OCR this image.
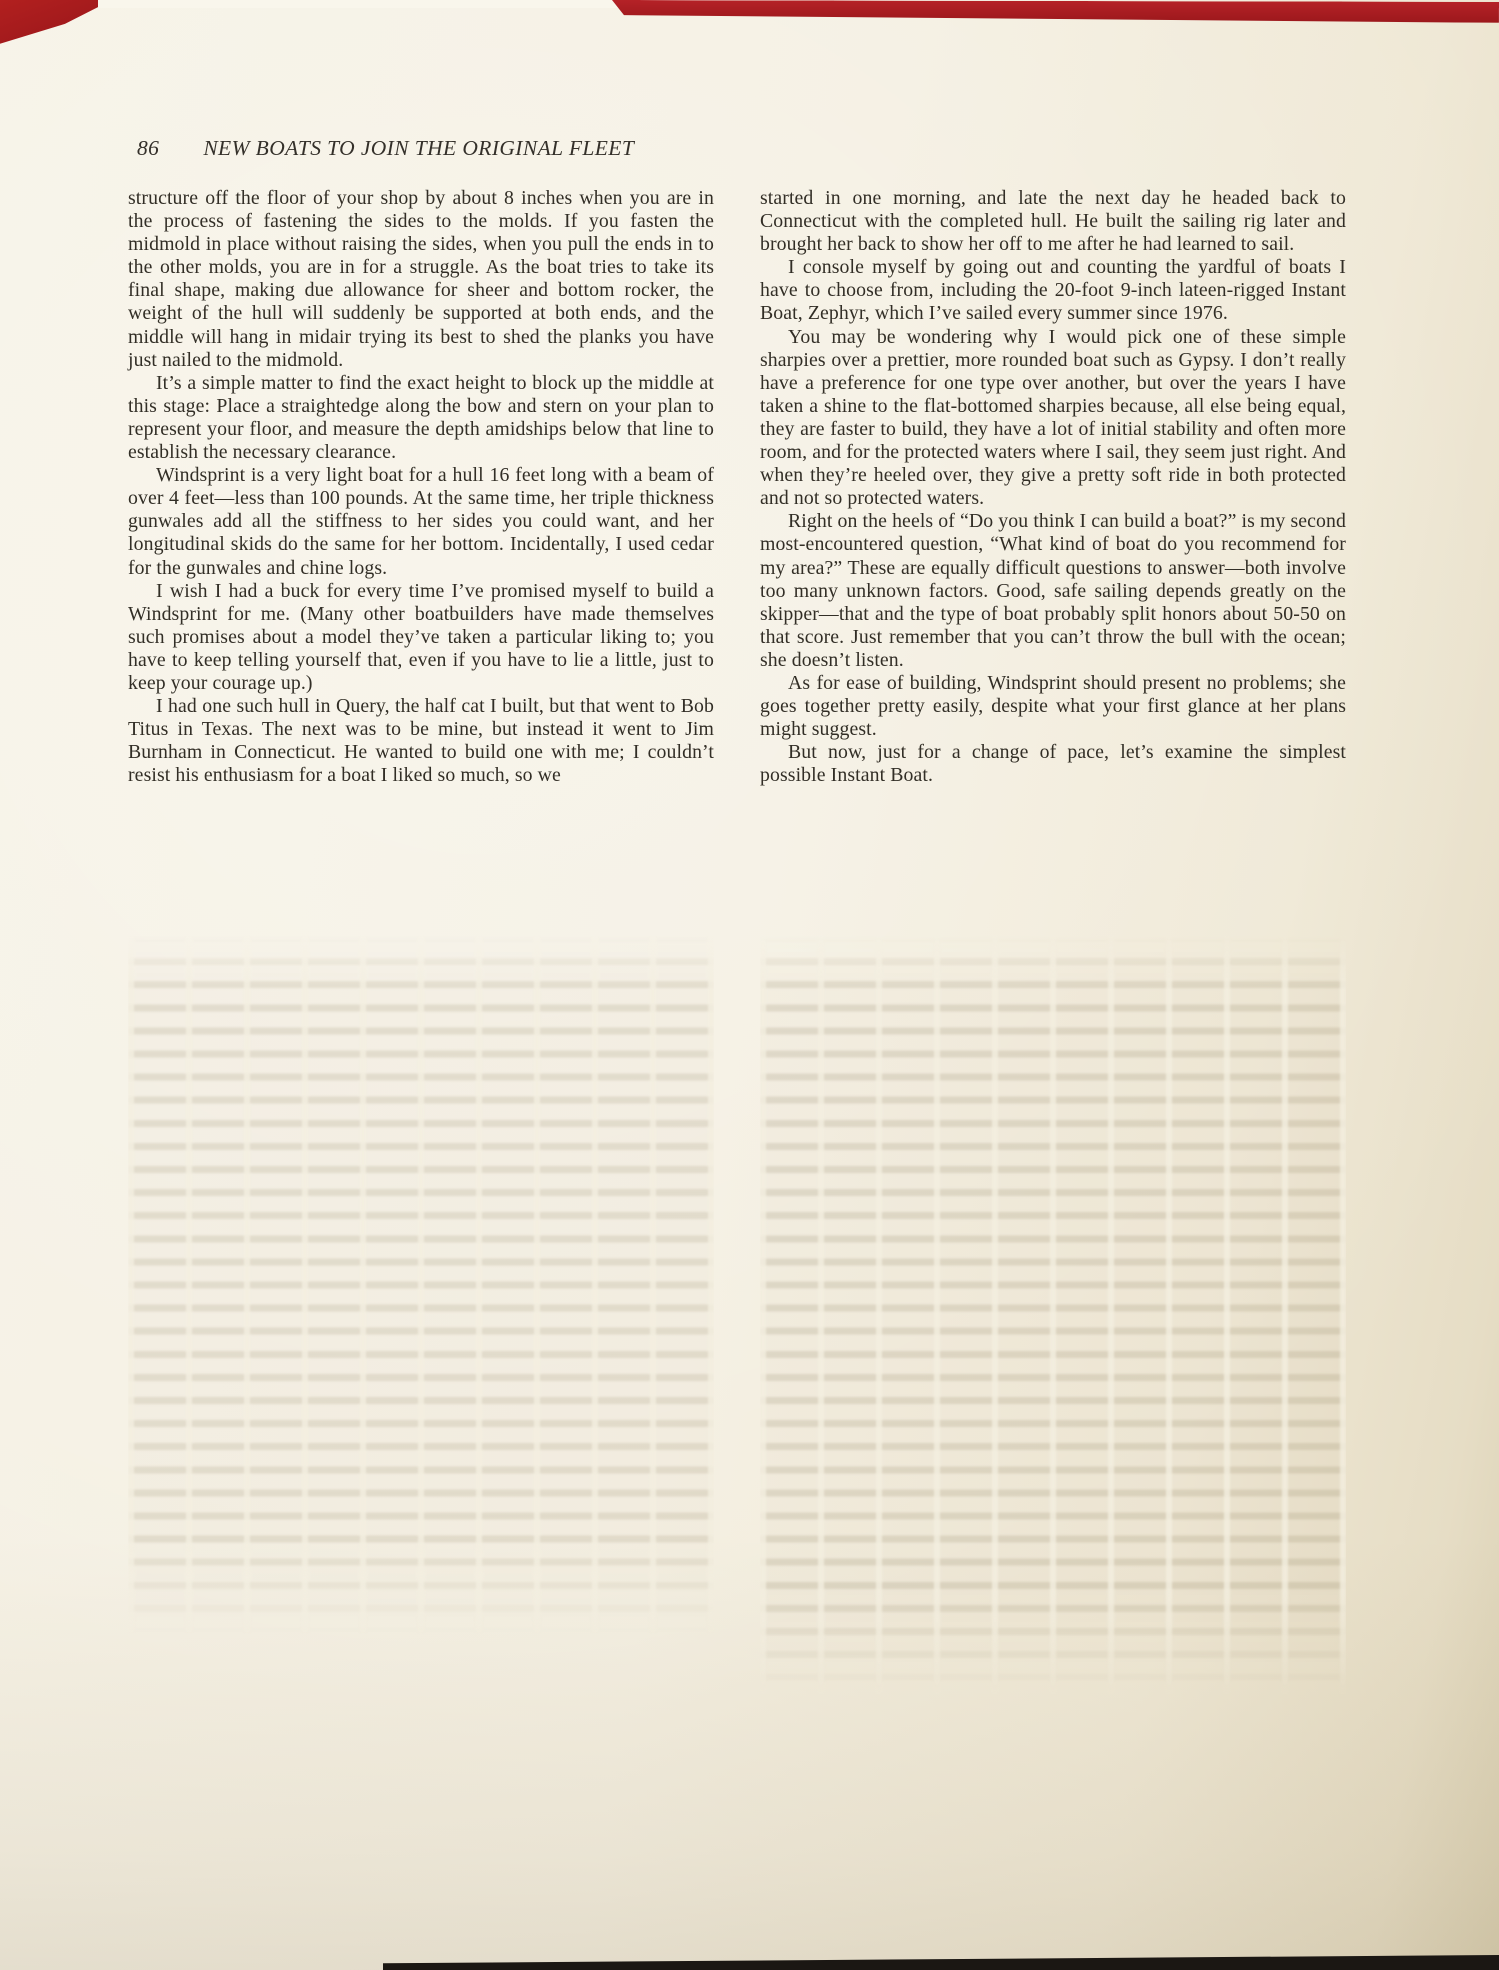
86 NEW BOATS TO JOIN THE ORIGINAL FLEET

structure off the floor of your shop by about 8 inches when you are in the process of fastening the sides to the molds. If you fasten the midmold in place without raising the sides, when you pull the ends in to the other molds, you are in for a struggle. As the boat tries to take its final shape, making due allowance for sheer and bottom rocker, the weight of the hull will suddenly be supported at both ends, and the middle will hang in midair trying its best to shed the planks you have just nailed to the midmold.

It’s a simple matter to find the exact height to block up the middle at this stage: Place a straightedge along the bow and stern on your plan to represent your floor, and measure the depth amidships below that line to establish the necessary clearance.

Windsprint is a very light boat for a hull 16 feet long with a beam of over 4 feet—less than 100 pounds. At the same time, her triple thickness gunwales add all the stiffness to her sides you could want, and her longitudinal skids do the same for her bottom. Incidentally, I used cedar for the gunwales and chine logs.

I wish I had a buck for every time I’ve promised myself to build a Windsprint for me. (Many other boatbuilders have made themselves such promises about a model they’ve taken a particular liking to; you have to keep telling yourself that, even if you have to lie a little, just to keep your courage up.)

I had one such hull in Query, the half cat I built, but that went to Bob Titus in Texas. The next was to be mine, but instead it went to Jim Burnham in Connecticut. He wanted to build one with me; I couldn’t resist his enthusiasm for a boat I liked so much, so we

started in one morning, and late the next day he headed back to Connecticut with the completed hull. He built the sailing rig later and brought her back to show her off to me after he had learned to sail.

I console myself by going out and counting the yardful of boats I have to choose from, including the 20-foot 9-inch lateen-rigged Instant Boat, Zephyr, which I’ve sailed every summer since 1976.

You may be wondering why I would pick one of these simple sharpies over a prettier, more rounded boat such as Gypsy. I don’t really have a preference for one type over another, but over the years I have taken a shine to the flat-bottomed sharpies because, all else being equal, they are faster to build, they have a lot of initial stability and often more room, and for the protected waters where I sail, they seem just right. And when they’re heeled over, they give a pretty soft ride in both protected and not so protected waters.

Right on the heels of “Do you think I can build a boat?” is my second most-encountered question, “What kind of boat do you recommend for my area?” These are equally difficult questions to answer—both involve too many unknown factors. Good, safe sailing depends greatly on the skipper—that and the type of boat probably split honors about 50-50 on that score. Just remember that you can’t throw the bull with the ocean; she doesn’t listen.

As for ease of building, Windsprint should present no problems; she goes together pretty easily, despite what your first glance at her plans might suggest.

But now, just for a change of pace, let’s examine the simplest possible Instant Boat.
